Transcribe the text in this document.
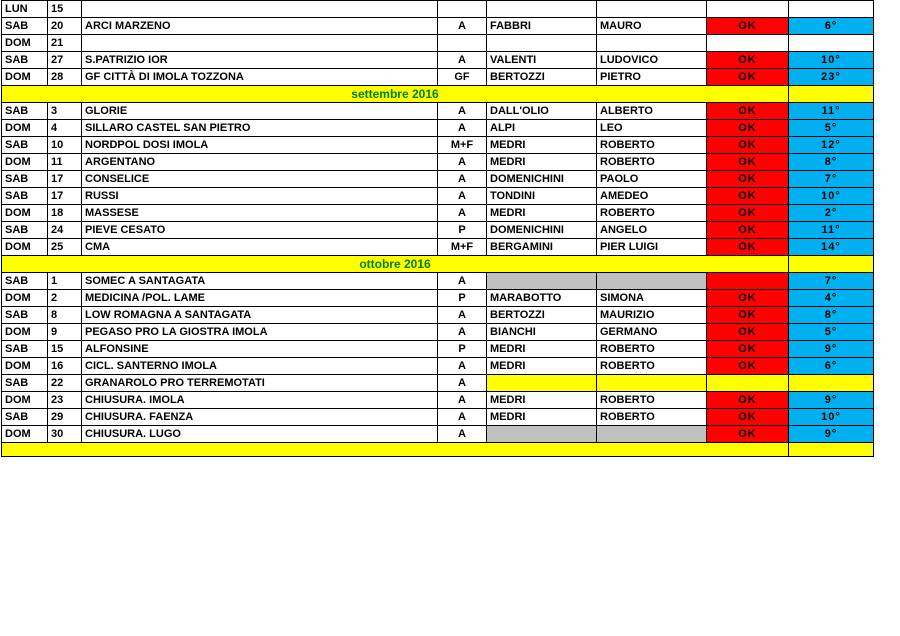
LUN	15						
SAB	20	ARCI MARZENO	A	FABBRI	MAURO	OK	6°
DOM	21						
SAB	27	S.PATRIZIO IOR	A	VALENTI	LUDOVICO	OK	10°
DOM	28	GF CITTÀ DI IMOLA TOZZONA	GF	BERTOZZI	PIETRO	OK	23°
settembre 2016							
SAB	3	GLORIE	A	DALL'OLIO	ALBERTO	OK	11°
DOM	4	SILLARO CASTEL SAN PIETRO	A	ALPI	LEO	OK	5°
SAB	10	NORDPOL DOSI IMOLA	M+F	MEDRI	ROBERTO	OK	12°
DOM	11	ARGENTANO	A	MEDRI	ROBERTO	OK	8°
SAB	17	CONSELICE	A	DOMENICHINI	PAOLO	OK	7°
SAB	17	RUSSI	A	TONDINI	AMEDEO	OK	10°
DOM	18	MASSESE	A	MEDRI	ROBERTO	OK	2°
SAB	24	PIEVE CESATO	P	DOMENICHINI	ANGELO	OK	11°
DOM	25	CMA	M+F	BERGAMINI	PIER LUIGI	OK	14°
ottobre 2016							
SAB	1	SOMEC A SANTAGATA	A				7°
DOM	2	MEDICINA /POL. LAME	P	MARABOTTO	SIMONA	OK	4°
SAB	8	LOW ROMAGNA A SANTAGATA	A	BERTOZZI	MAURIZIO	OK	8°
DOM	9	PEGASO PRO LA GIOSTRA IMOLA	A	BIANCHI	GERMANO	OK	5°
SAB	15	ALFONSINE	P	MEDRI	ROBERTO	OK	9°
DOM	16	CICL. SANTERNO IMOLA	A	MEDRI	ROBERTO	OK	6°
SAB	22	GRANAROLO PRO TERREMOTATI	A				
DOM	23	CHIUSURA. IMOLA	A	MEDRI	ROBERTO	OK	9°
SAB	29	CHIUSURA. FAENZA	A	MEDRI	ROBERTO	OK	10°
DOM	30	CHIUSURA. LUGO	A			OK	9°
